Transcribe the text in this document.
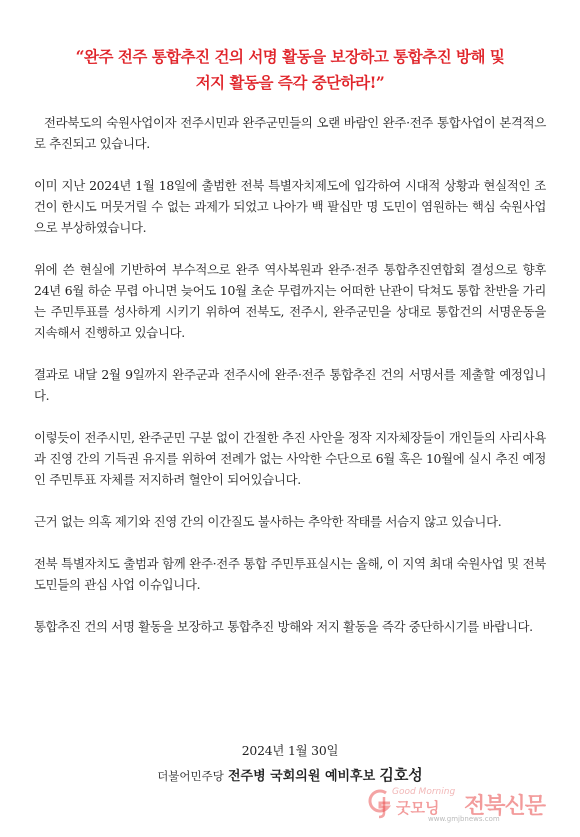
“완주 전주 통합추진 건의 서명 활동을 보장하고 통합추진 방해 및
저지 활동을 즉각 중단하라!”

전라북도의 숙원사업이자 전주시민과 완주군민들의 오랜 바람인 완주·전주 통합사업이 본격적으로 추진되고 있습니다.

이미 지난 2024년 1월 18일에 출범한 전북 특별자치제도에 입각하여 시대적 상황과 현실적인 조건이 한시도 머뭇거릴 수 없는 과제가 되었고 나아가 백 팔십만 명 도민이 염원하는 핵심 숙원사업으로 부상하였습니다.

위에 쓴 현실에 기반하여 부수적으로 완주 역사복원과 완주·전주 통합추진연합회 결성으로 향후 24년 6월 하순 무렵 아니면 늦어도 10월 초순 무렵까지는 어떠한 난관이 닥쳐도 통합 찬반을 가리는 주민투표를 성사하게 시키기 위하여 전북도, 전주시, 완주군민을 상대로 통합건의 서명운동을 지속해서 진행하고 있습니다.

결과로 내달 2월 9일까지 완주군과 전주시에 완주·전주 통합추진 건의 서명서를 제출할 예정입니다.

이렇듯이 전주시민, 완주군민 구분 없이 간절한 추진 사안을 정작 지자체장들이 개인들의 사리사욕과 진영 간의 기득권 유지를 위하여 전례가 없는 사악한 수단으로 6월 혹은 10월에 실시 추진 예정인 주민투표 자체를 저지하려 혈안이 되어있습니다.

근거 없는 의혹 제기와 진영 간의 이간질도 불사하는 추악한 작태를 서슴지 않고 있습니다.

전북 특별자치도 출범과 함께 완주·전주 통합 주민투표실시는 올해, 이 지역 최대 숙원사업 및 전북도민들의 관심 사업 이슈입니다.

통합추진 건의 서명 활동을 보장하고 통합추진 방해와 저지 활동을 즉각 중단하시기를 바랍니다.

2024년 1월 30일
더불어민주당 전주병 국회의원 예비후보 김호성
Good Morning
굿모닝 전북신문
www.gmjbnews.com
